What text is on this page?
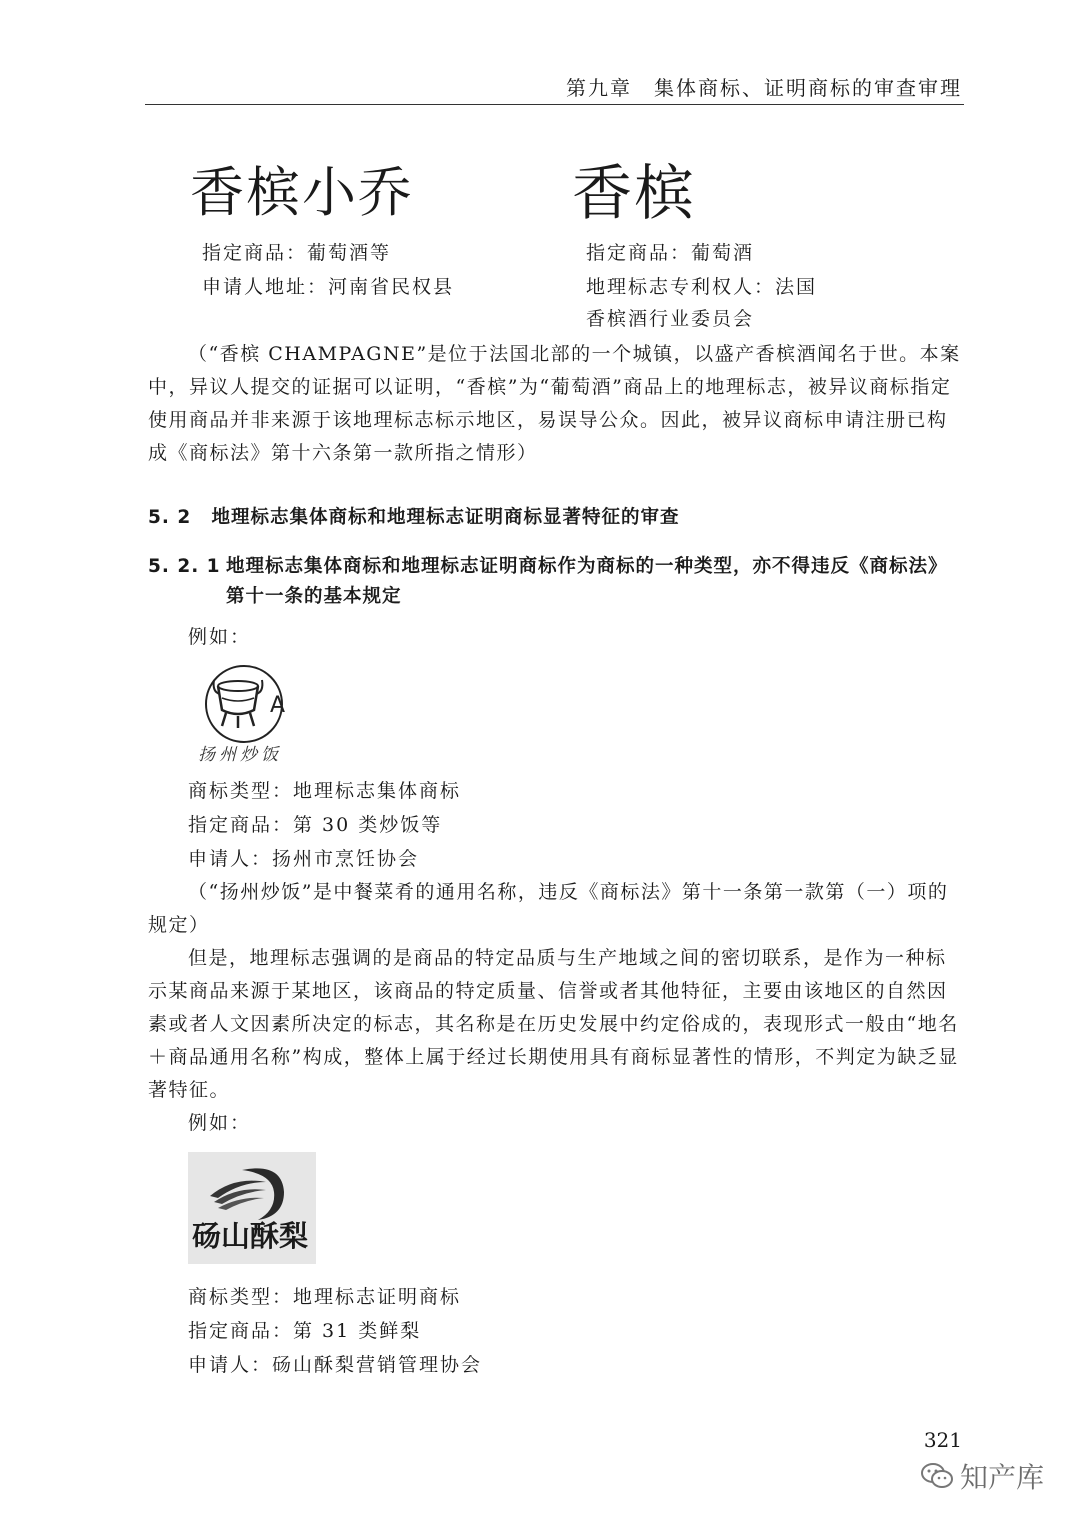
第九章　集体商标、证明商标的审查审理
香槟小乔	香槟
指定商品：葡萄酒等
申请人地址：河南省民权县
指定商品：葡萄酒
地理标志专利权人：法国
香槟酒行业委员会
（“香槟 CHAMPAGNE”是位于法国北部的一个城镇，以盛产香槟酒闻名于世。本案中，异议人提交的证据可以证明，“香槟”为“葡萄酒”商品上的地理标志，被异议商标指定使用商品并非来源于该地理标志标示地区，易误导公众。因此，被异议商标申请注册已构成《商标法》第十六条第一款所指之情形）
5. 2 地理标志集体商标和地理标志证明商标显著特征的审查
5. 2. 1 地理标志集体商标和地理标志证明商标作为商标的一种类型，亦不得违反《商标法》第十一条的基本规定
例如：
A
扬州炒饭
商标类型：地理标志集体商标
指定商品：第 30 类炒饭等
申请人：扬州市烹饪协会
（“扬州炒饭”是中餐菜肴的通用名称，违反《商标法》第十一条第一款第（一）项的规定）
但是，地理标志强调的是商品的特定品质与生产地域之间的密切联系，是作为一种标示某商品来源于某地区，该商品的特定质量、信誉或者其他特征，主要由该地区的自然因素或者人文因素所决定的标志，其名称是在历史发展中约定俗成的，表现形式一般由“地名＋商品通用名称”构成，整体上属于经过长期使用具有商标显著性的情形，不判定为缺乏显著特征。
例如：
砀山酥梨
商标类型：地理标志证明商标
指定商品：第 31 类鲜梨
申请人：砀山酥梨营销管理协会
321
知产库
